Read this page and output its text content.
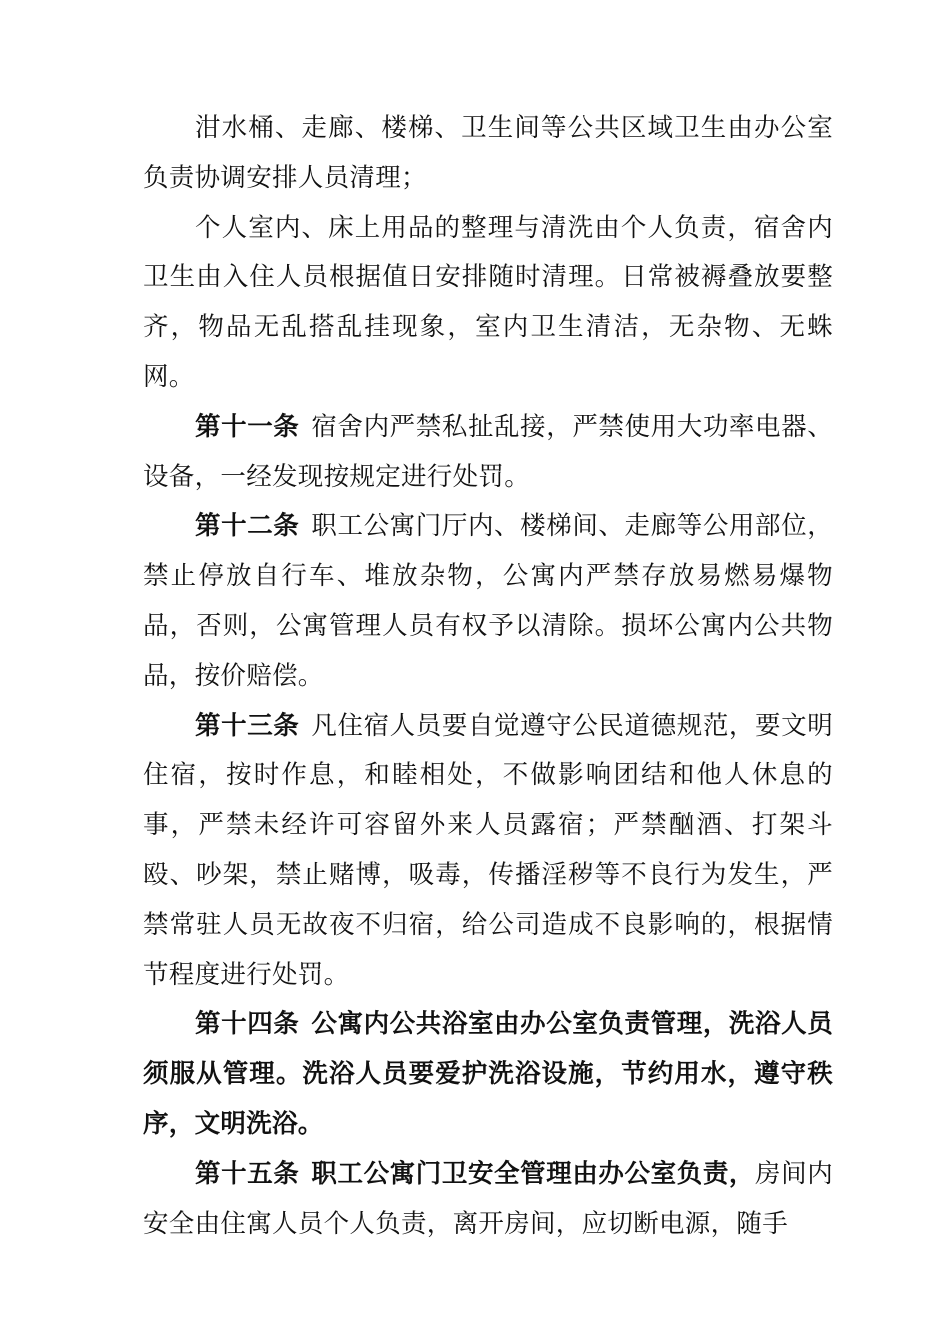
泔水桶、走廊、楼梯、卫生间等公共区域卫生由办公室负责协调安排人员清理；

个人室内、床上用品的整理与清洗由个人负责，宿舍内卫生由入住人员根据值日安排随时清理。日常被褥叠放要整齐，物品无乱搭乱挂现象，室内卫生清洁，无杂物、无蛛网。

第十一条 宿舍内严禁私扯乱接，严禁使用大功率电器、设备，一经发现按规定进行处罚。

第十二条 职工公寓门厅内、楼梯间、走廊等公用部位，禁止停放自行车、堆放杂物，公寓内严禁存放易燃易爆物品，否则，公寓管理人员有权予以清除。损坏公寓内公共物品，按价赔偿。

第十三条 凡住宿人员要自觉遵守公民道德规范，要文明住宿，按时作息，和睦相处，不做影响团结和他人休息的事，严禁未经许可容留外来人员露宿；严禁酗酒、打架斗殴、吵架，禁止赌博，吸毒，传播淫秽等不良行为发生，严禁常驻人员无故夜不归宿，给公司造成不良影响的，根据情节程度进行处罚。

第十四条 公寓内公共浴室由办公室负责管理，洗浴人员须服从管理。洗浴人员要爱护洗浴设施，节约用水，遵守秩序，文明洗浴。

第十五条 职工公寓门卫安全管理由办公室负责，房间内安全由住寓人员个人负责，离开房间，应切断电源，随手
